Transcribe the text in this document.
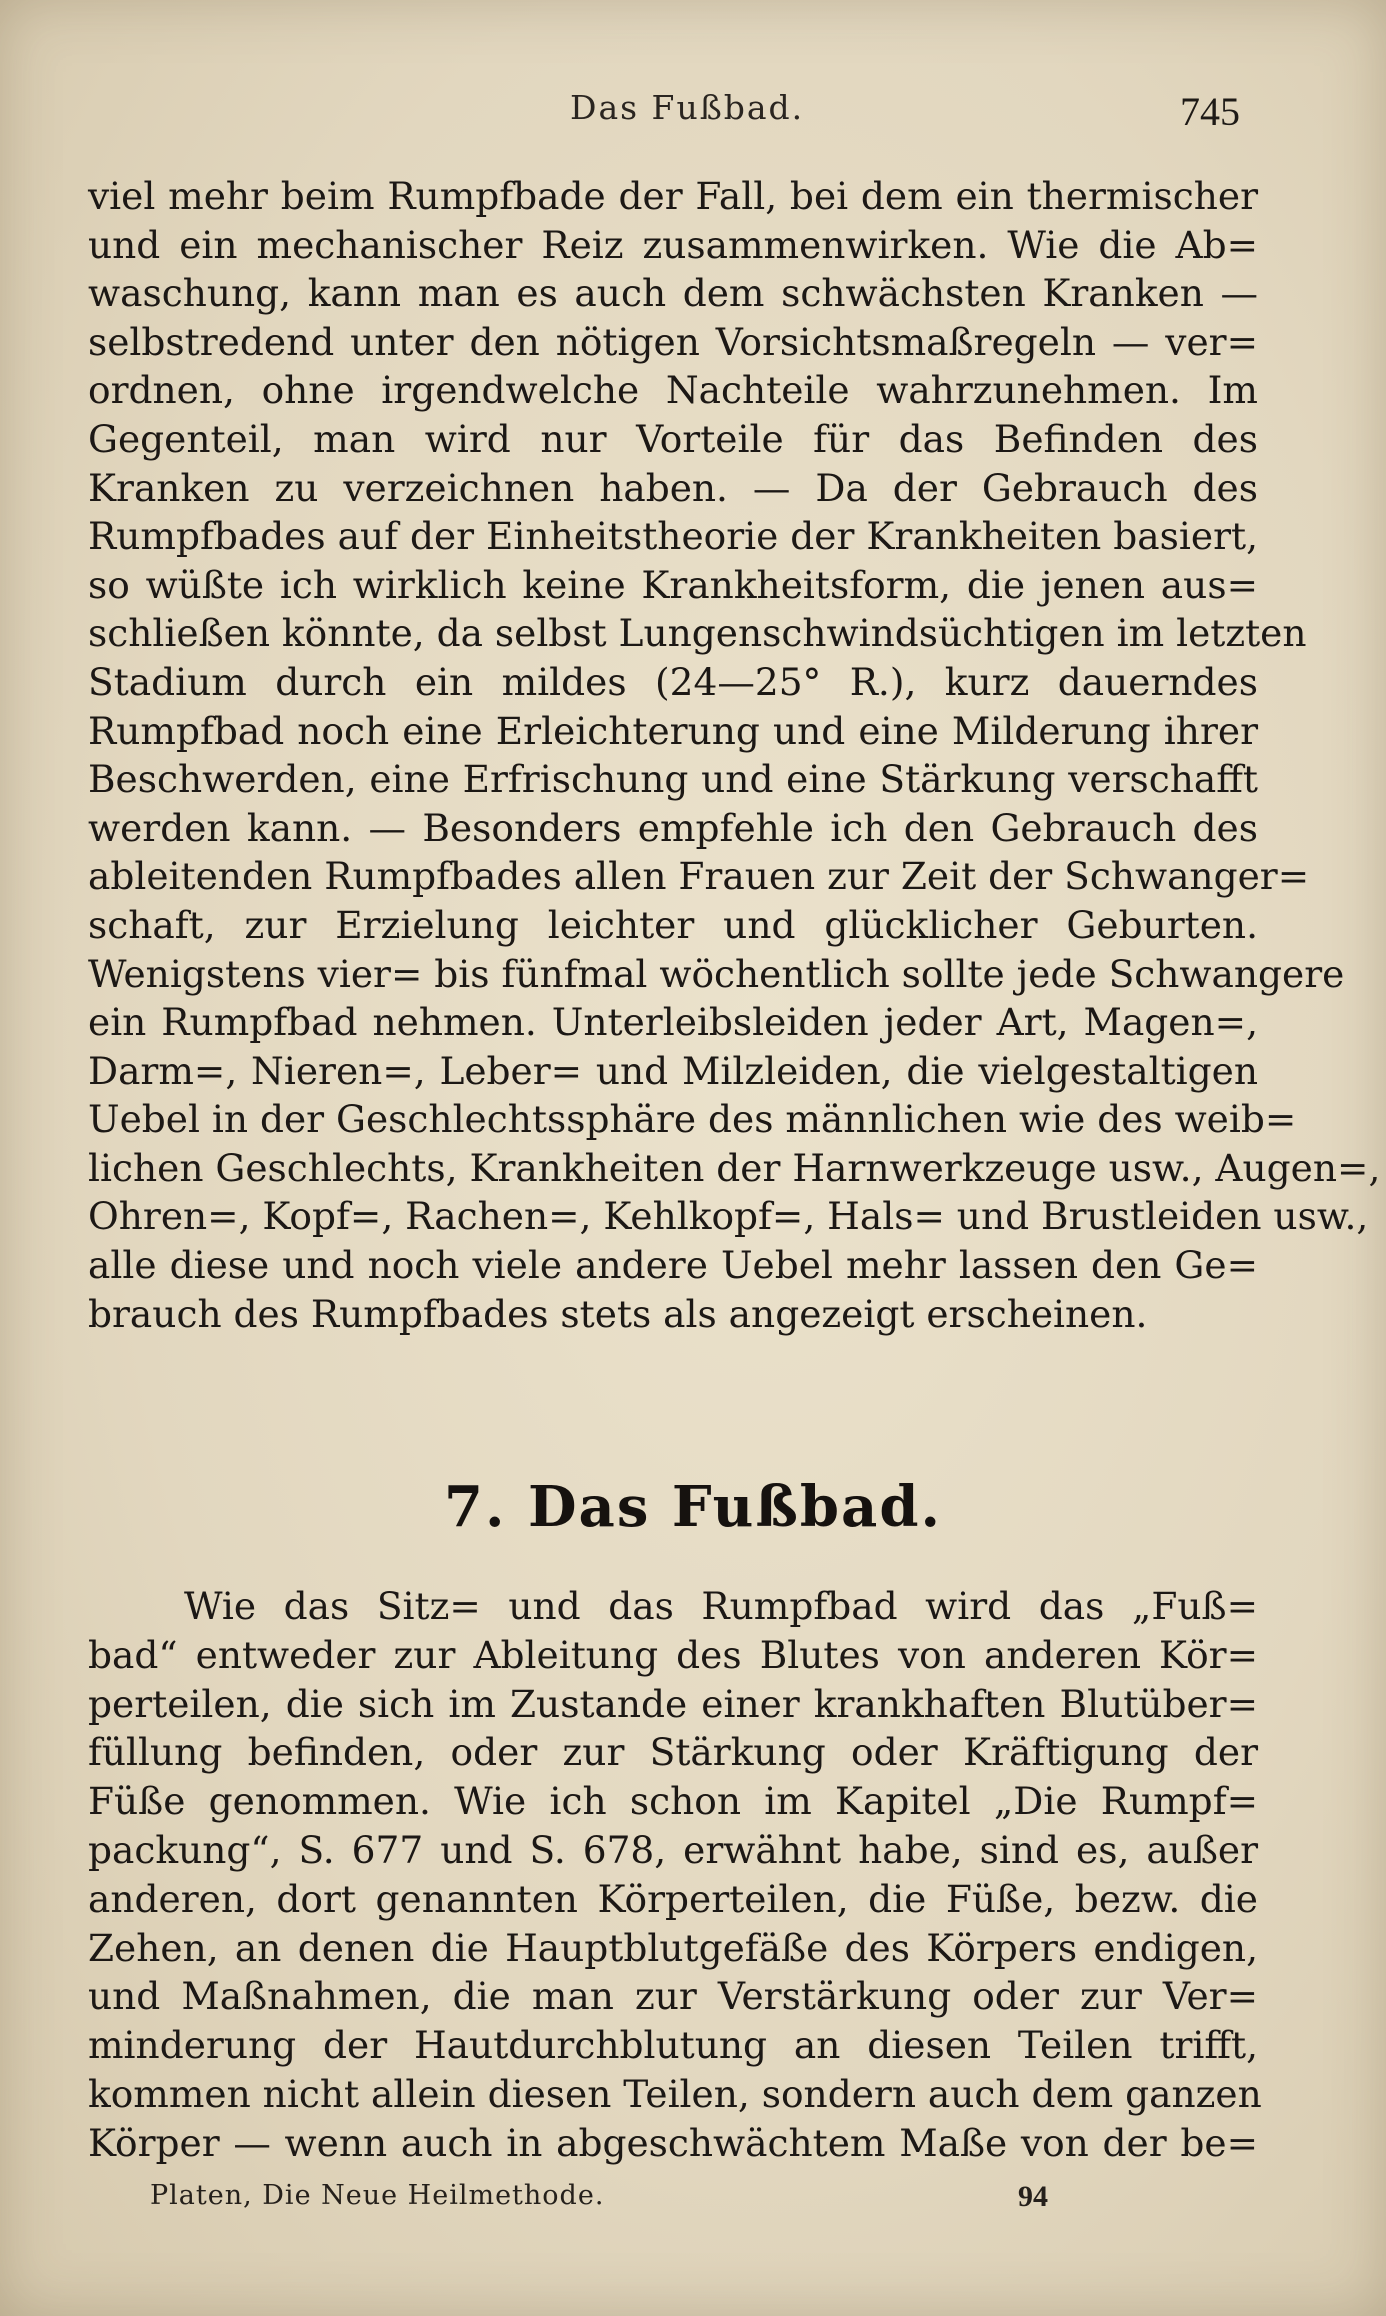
Das Fußbad.	745
viel mehr beim Rumpfbade der Fall, bei dem ein thermischer
und ein mechanischer Reiz zusammenwirken. Wie die Ab=
waschung, kann man es auch dem schwächsten Kranken —
selbstredend unter den nötigen Vorsichtsmaßregeln — ver=
ordnen, ohne irgendwelche Nachteile wahrzunehmen. Im
Gegenteil, man wird nur Vorteile für das Befinden des
Kranken zu verzeichnen haben. — Da der Gebrauch des
Rumpfbades auf der Einheitstheorie der Krankheiten basiert,
so wüßte ich wirklich keine Krankheitsform, die jenen aus=
schließen könnte, da selbst Lungenschwindsüchtigen im letzten
Stadium durch ein mildes (24—25° R.), kurz dauerndes
Rumpfbad noch eine Erleichterung und eine Milderung ihrer
Beschwerden, eine Erfrischung und eine Stärkung verschafft
werden kann. — Besonders empfehle ich den Gebrauch des
ableitenden Rumpfbades allen Frauen zur Zeit der Schwanger=
schaft, zur Erzielung leichter und glücklicher Geburten.
Wenigstens vier= bis fünfmal wöchentlich sollte jede Schwangere
ein Rumpfbad nehmen. Unterleibsleiden jeder Art, Magen=,
Darm=, Nieren=, Leber= und Milzleiden, die vielgestaltigen
Uebel in der Geschlechtssphäre des männlichen wie des weib=
lichen Geschlechts, Krankheiten der Harnwerkzeuge usw., Augen=,
Ohren=, Kopf=, Rachen=, Kehlkopf=, Hals= und Brustleiden usw.,
alle diese und noch viele andere Uebel mehr lassen den Ge=
brauch des Rumpfbades stets als angezeigt erscheinen.
7. Das Fußbad.
Wie das Sitz= und das Rumpfbad wird das „Fuß=
bad“ entweder zur Ableitung des Blutes von anderen Kör=
perteilen, die sich im Zustande einer krankhaften Blutüber=
füllung befinden, oder zur Stärkung oder Kräftigung der
Füße genommen. Wie ich schon im Kapitel „Die Rumpf=
packung“, S. 677 und S. 678, erwähnt habe, sind es, außer
anderen, dort genannten Körperteilen, die Füße, bezw. die
Zehen, an denen die Hauptblutgefäße des Körpers endigen,
und Maßnahmen, die man zur Verstärkung oder zur Ver=
minderung der Hautdurchblutung an diesen Teilen trifft,
kommen nicht allein diesen Teilen, sondern auch dem ganzen
Körper — wenn auch in abgeschwächtem Maße von der be=
Platen, Die Neue Heilmethode.	94
